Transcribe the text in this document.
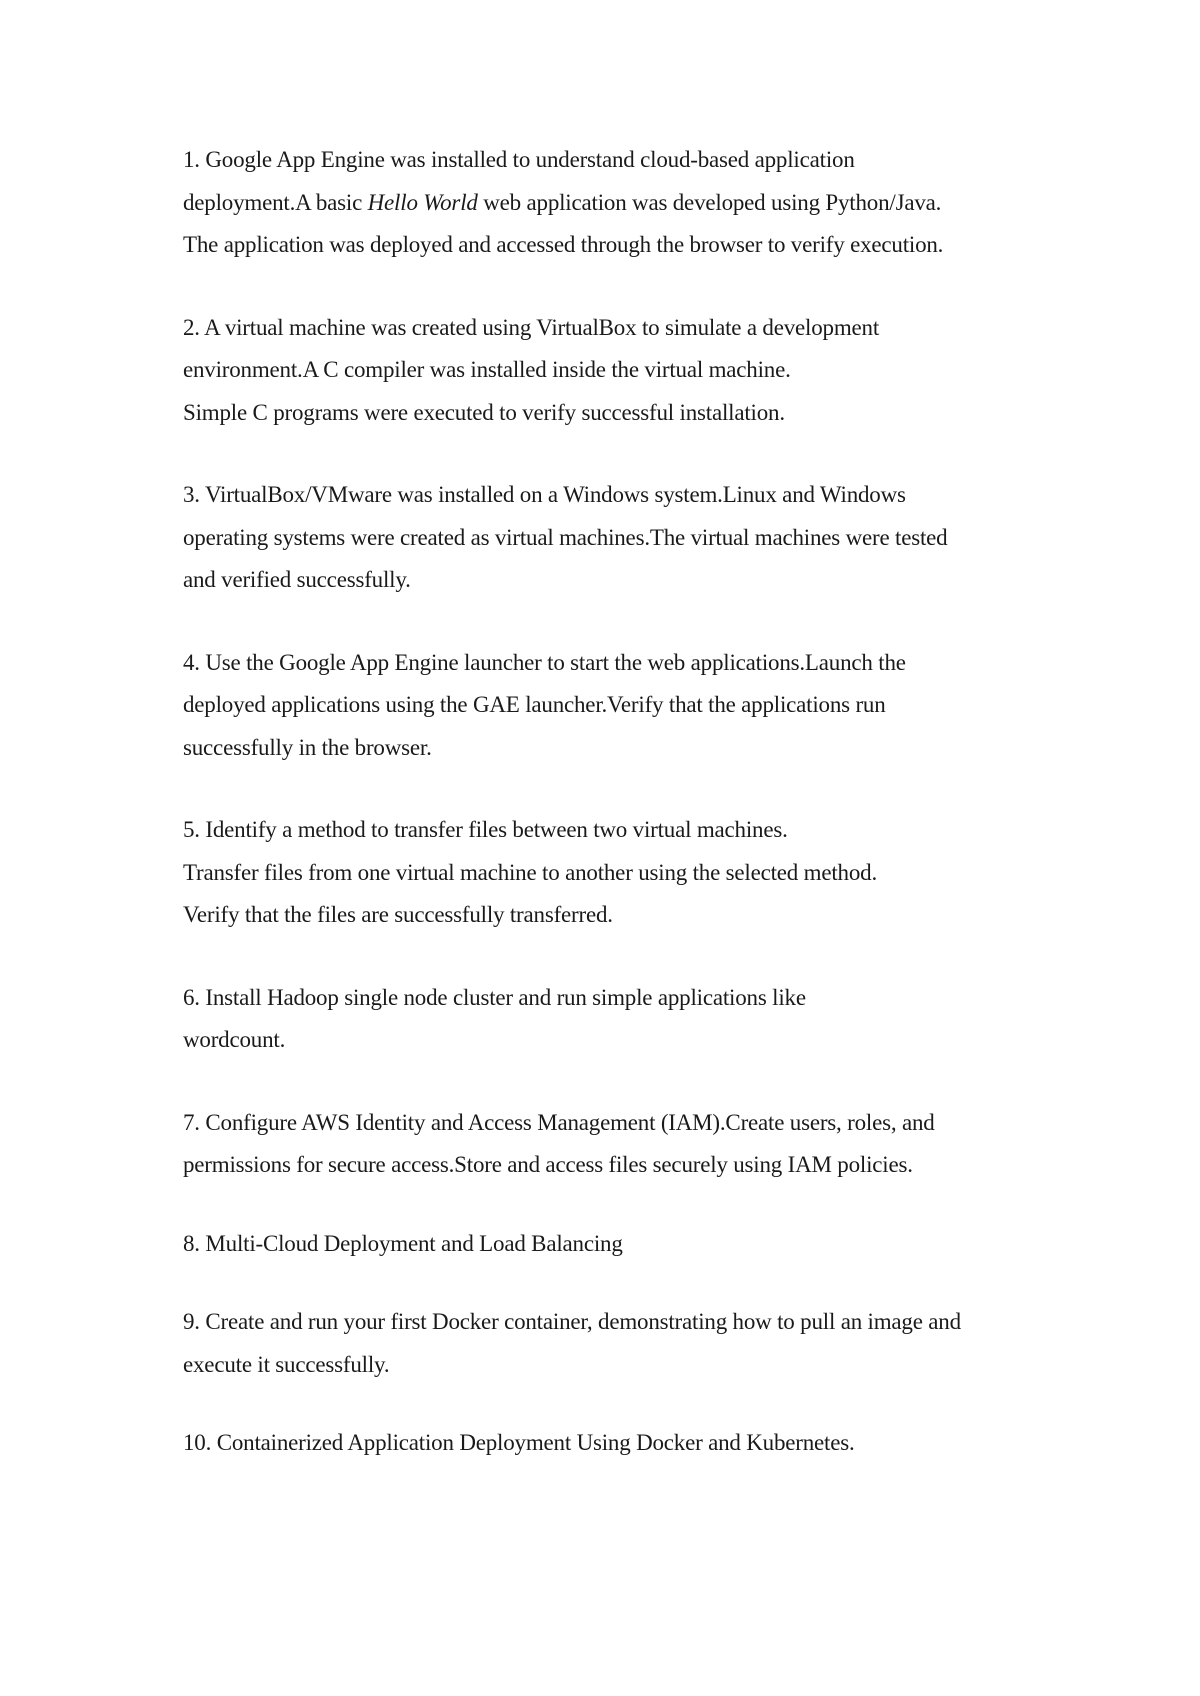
1. Google App Engine was installed to understand cloud-based application
deployment.A basic Hello World web application was developed using Python/Java.
The application was deployed and accessed through the browser to verify execution.
2. A virtual machine was created using VirtualBox to simulate a development
environment.A C compiler was installed inside the virtual machine.
Simple C programs were executed to verify successful installation.
3. VirtualBox/VMware was installed on a Windows system.Linux and Windows
operating systems were created as virtual machines.The virtual machines were tested
and verified successfully.
4. Use the Google App Engine launcher to start the web applications.Launch the
deployed applications using the GAE launcher.Verify that the applications run
successfully in the browser.
5. Identify a method to transfer files between two virtual machines.
Transfer files from one virtual machine to another using the selected method.
Verify that the files are successfully transferred.
6. Install Hadoop single node cluster and run simple applications like
wordcount.
7. Configure AWS Identity and Access Management (IAM).Create users, roles, and
permissions for secure access.Store and access files securely using IAM policies.
8. Multi-Cloud Deployment and Load Balancing
9. Create and run your first Docker container, demonstrating how to pull an image and
execute it successfully.
10. Containerized Application Deployment Using Docker and Kubernetes.
